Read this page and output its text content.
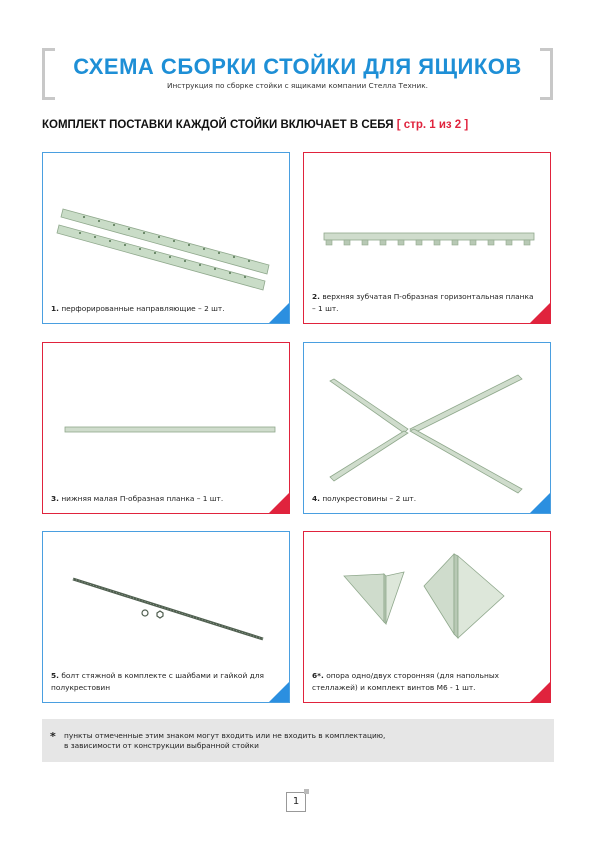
СХЕМА СБОРКИ СТОЙКИ ДЛЯ ЯЩИКОВ
Инструкция по сборке стойки с ящиками компании Стелла Техник.
КОМПЛЕКТ ПОСТАВКИ КАЖДОЙ СТОЙКИ ВКЛЮЧАЕТ В СЕБЯ [ стр. 1 из 2 ]
1. перфорированные направляющие – 2 шт.
2. верхняя зубчатая П-образная горизонтальная планка – 1 шт.
3. нижняя малая П-образная планка – 1 шт.	4. полукрестовины – 2 шт.
5. болт стяжной в комплекте с шайбами и гайкой для полукрестовин
6*. опора одно/двух сторонняя (для напольных стеллажей) и комплект винтов М6 - 1 шт.
* пункты отмеченные этим знаком могут входить или не входить в комплектацию,
в зависимости от конструкции выбранной стойки
1
